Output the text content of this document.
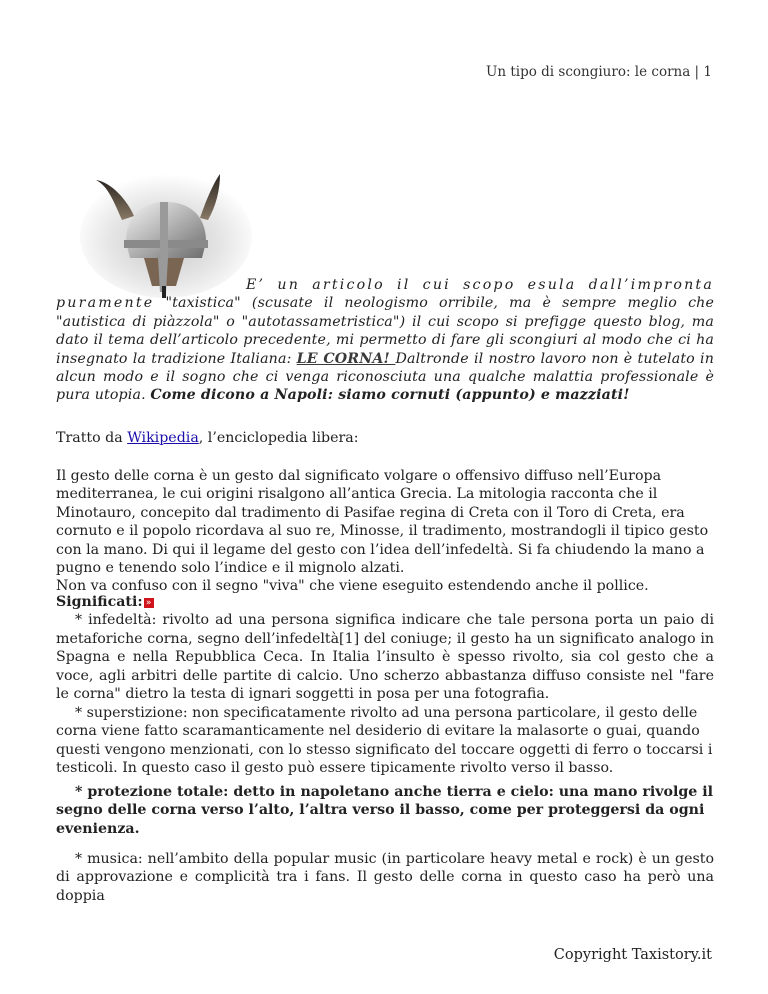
Un tipo di scongiuro: le corna | 1
E’ un articolo il cui scopo esula dall’impronta puramente "taxistica" (scusate il neologismo orribile, ma è sempre meglio che "autistica di piàzzola" o "autotassametristica") il cui scopo si prefigge questo blog, ma dato il tema dell’articolo precedente, mi permetto di fare gli scongiuri al modo che ci ha insegnato la tradizione Italiana: LE CORNA! Daltronde il nostro lavoro non è tutelato in alcun modo e il sogno che ci venga riconosciuta una qualche malattia professionale è pura utopia. Come dicono a Napoli: siamo cornuti (appunto) e mazziati!
Tratto da Wikipedia, l’enciclopedia libera:
Il gesto delle corna è un gesto dal significato volgare o offensivo diffuso nell’Europa mediterranea, le cui origini risalgono all’antica Grecia. La mitologia racconta che il Minotauro, concepito dal tradimento di Pasifae regina di Creta con il Toro di Creta, era cornuto e il popolo ricordava al suo re, Minosse, il tradimento, mostrandogli il tipico gesto con la mano. Di qui il legame del gesto con l’idea dell’infedeltà. Si fa chiudendo la mano a pugno e tenendo solo l’indice e il mignolo alzati.
Non va confuso con il segno "viva" che viene eseguito estendendo anche il pollice.
Significati: »
* infedeltà: rivolto ad una persona significa indicare che tale persona porta un paio di metaforiche corna, segno dell’infedeltà[1] del coniuge; il gesto ha un significato analogo in Spagna e nella Repubblica Ceca. In Italia l’insulto è spesso rivolto, sia col gesto che a voce, agli arbitri delle partite di calcio. Uno scherzo abbastanza diffuso consiste nel "fare le corna" dietro la testa di ignari soggetti in posa per una fotografia.
* superstizione: non specificatamente rivolto ad una persona particolare, il gesto delle corna viene fatto scaramanticamente nel desiderio di evitare la malasorte o guai, quando questi vengono menzionati, con lo stesso significato del toccare oggetti di ferro o toccarsi i testicoli. In questo caso il gesto può essere tipicamente rivolto verso il basso.
* protezione totale: detto in napoletano anche tierra e cielo: una mano rivolge il segno delle corna verso l’alto, l’altra verso il basso, come per proteggersi da ogni evenienza.
* musica: nell’ambito della popular music (in particolare heavy metal e rock) è un gesto di approvazione e complicità tra i fans. Il gesto delle corna in questo caso ha però una doppia
Copyright Taxistory.it
